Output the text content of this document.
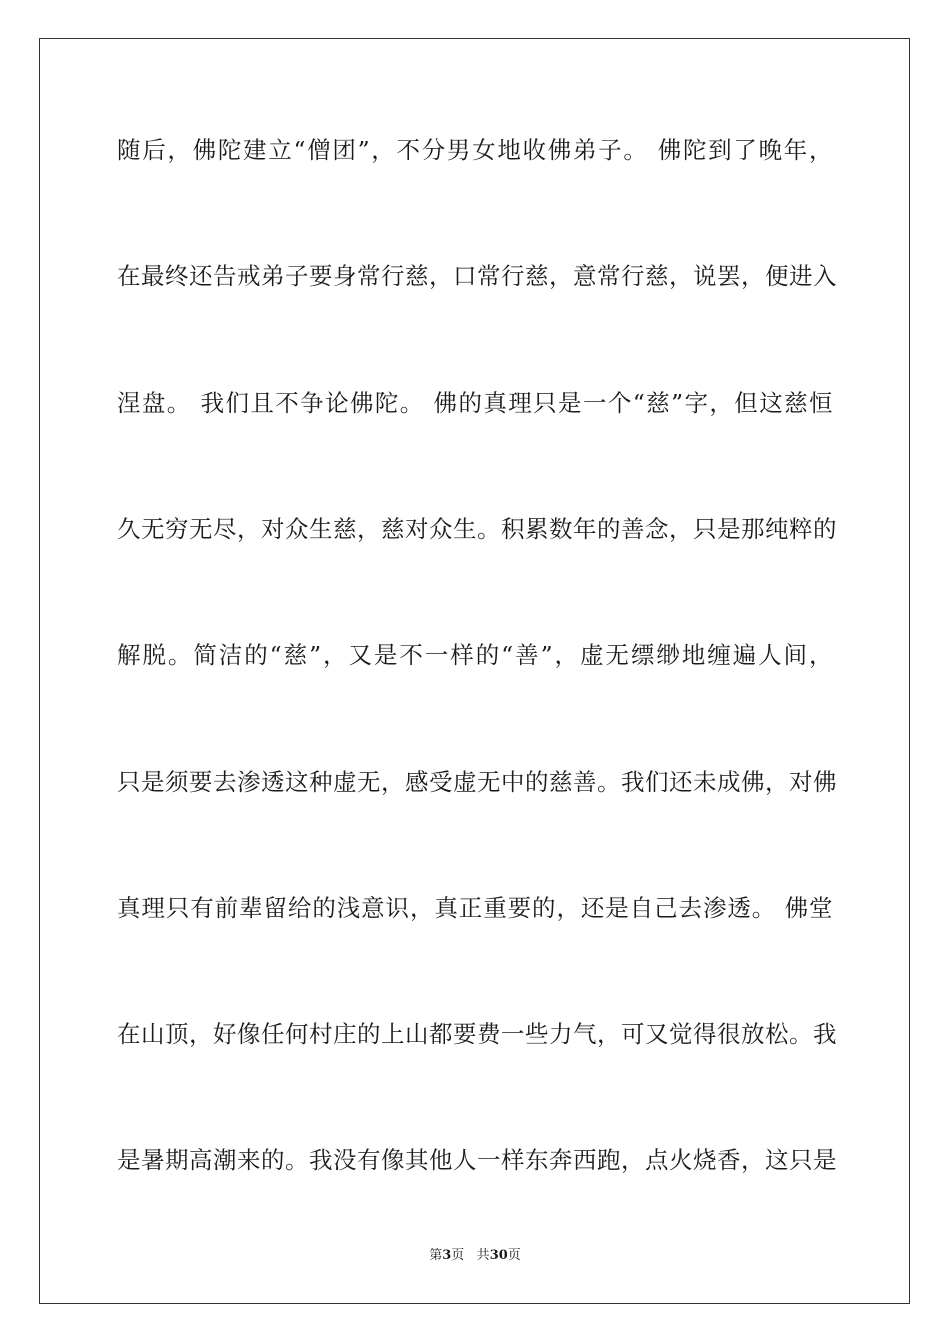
随后，佛陀建立“僧团”，不分男女地收佛弟子。 佛陀到了晚年，
在最终还告戒弟子要身常行慈，口常行慈，意常行慈，说罢，便进入
涅盘。 我们且不争论佛陀。 佛的真理只是一个“慈”字，但这慈恒
久无穷无尽，对众生慈，慈对众生。积累数年的善念，只是那纯粹的
解脱。简洁的“慈”，又是不一样的“善”，虚无缥缈地缠遍人间，
只是须要去渗透这种虚无，感受虚无中的慈善。我们还未成佛，对佛
真理只有前辈留给的浅意识，真正重要的，还是自己去渗透。 佛堂
在山顶，好像任何村庄的上山都要费一些力气，可又觉得很放松。我
是暑期高潮来的。我没有像其他人一样东奔西跑，点火烧香，这只是
第3页 共30页
